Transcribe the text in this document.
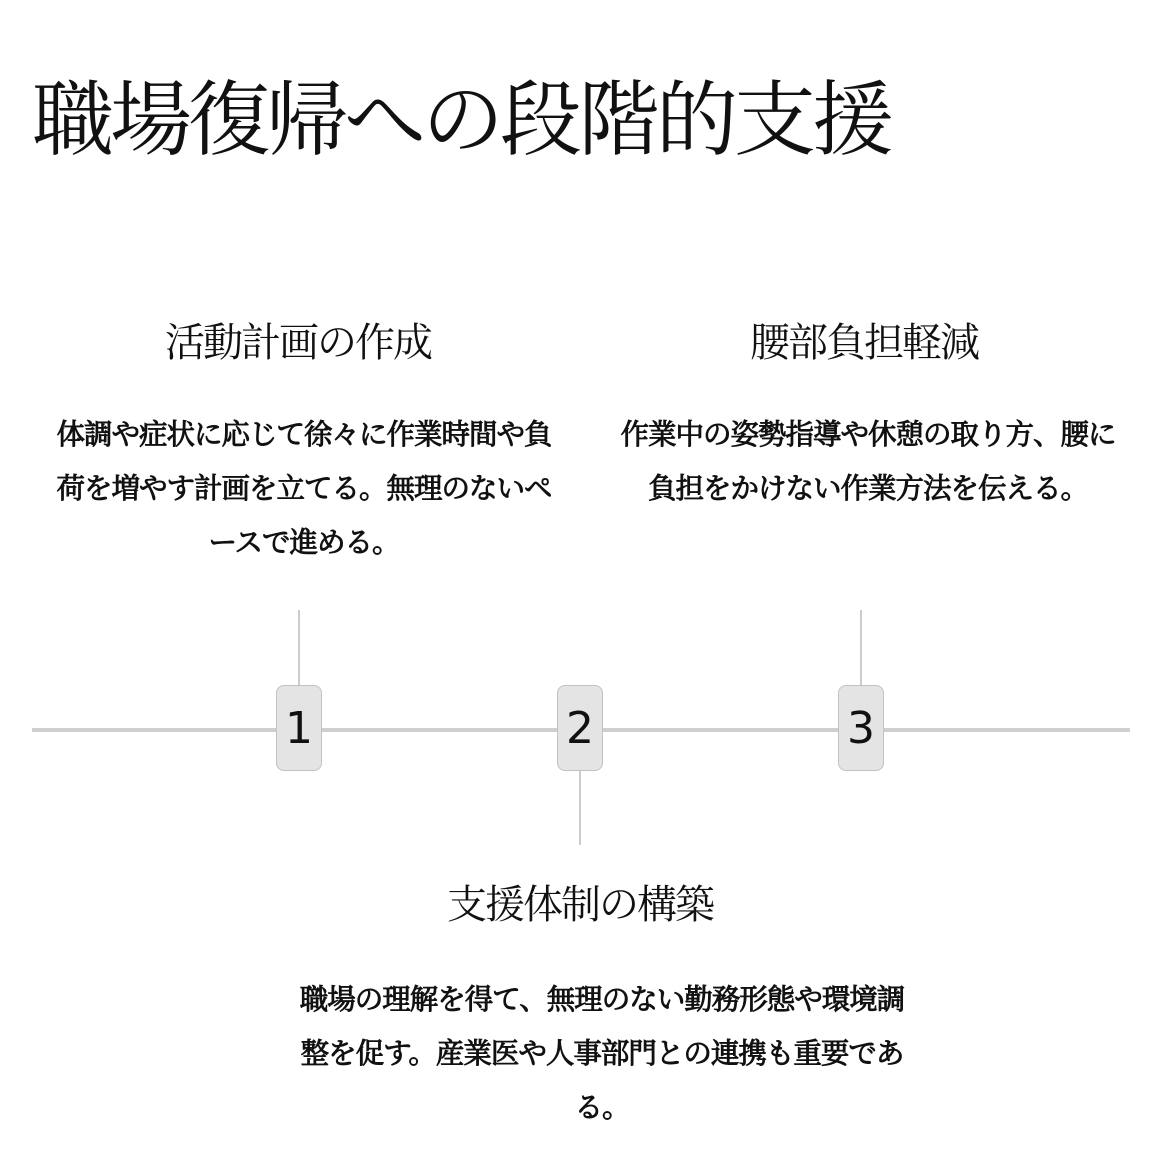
職場復帰への段階的支援
1
活動計画の作成

体調や症状に応じて徐々に作業時間や負荷を増やす計画を立てる。無理のないペースで進める。

2
支援体制の構築

職場の理解を得て、無理のない勤務形態や環境調整を促す。産業医や人事部門との連携も重要である。

3
腰部負担軽減

作業中の姿勢指導や休憩の取り方、腰に負担をかけない作業方法を伝える。
